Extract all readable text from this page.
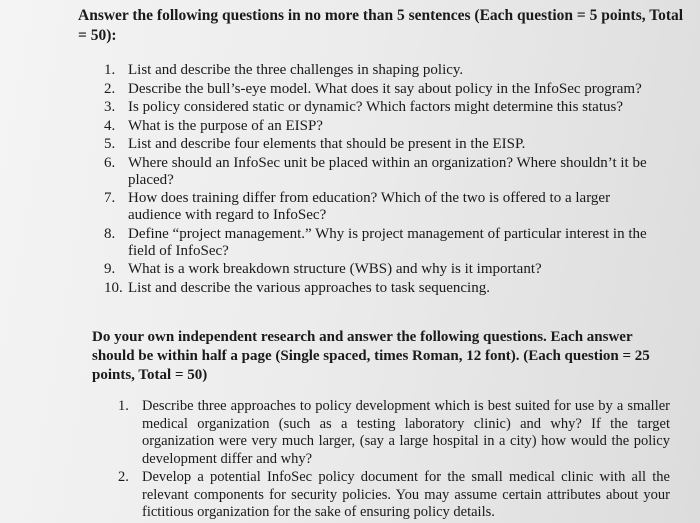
Answer the following questions in no more than 5 sentences (Each question = 5 points, Total = 50):
1. List and describe the three challenges in shaping policy.
2. Describe the bull’s-eye model. What does it say about policy in the InfoSec program?
3. Is policy considered static or dynamic? Which factors might determine this status?
4. What is the purpose of an EISP?
5. List and describe four elements that should be present in the EISP.
6. Where should an InfoSec unit be placed within an organization? Where shouldn’t it be placed?
7. How does training differ from education? Which of the two is offered to a larger audience with regard to InfoSec?
8. Define “project management.” Why is project management of particular interest in the field of InfoSec?
9. What is a work breakdown structure (WBS) and why is it important?
10. List and describe the various approaches to task sequencing.
Do your own independent research and answer the following questions. Each answer should be within half a page (Single spaced, times Roman, 12 font). (Each question = 25 points, Total = 50)
1. Describe three approaches to policy development which is best suited for use by a smaller medical organization (such as a testing laboratory clinic) and why? If the target organization were very much larger, (say a large hospital in a city) how would the policy development differ and why?
2. Develop a potential InfoSec policy document for the small medical clinic with all the relevant components for security policies. You may assume certain attributes about your fictitious organization for the sake of ensuring policy details.
